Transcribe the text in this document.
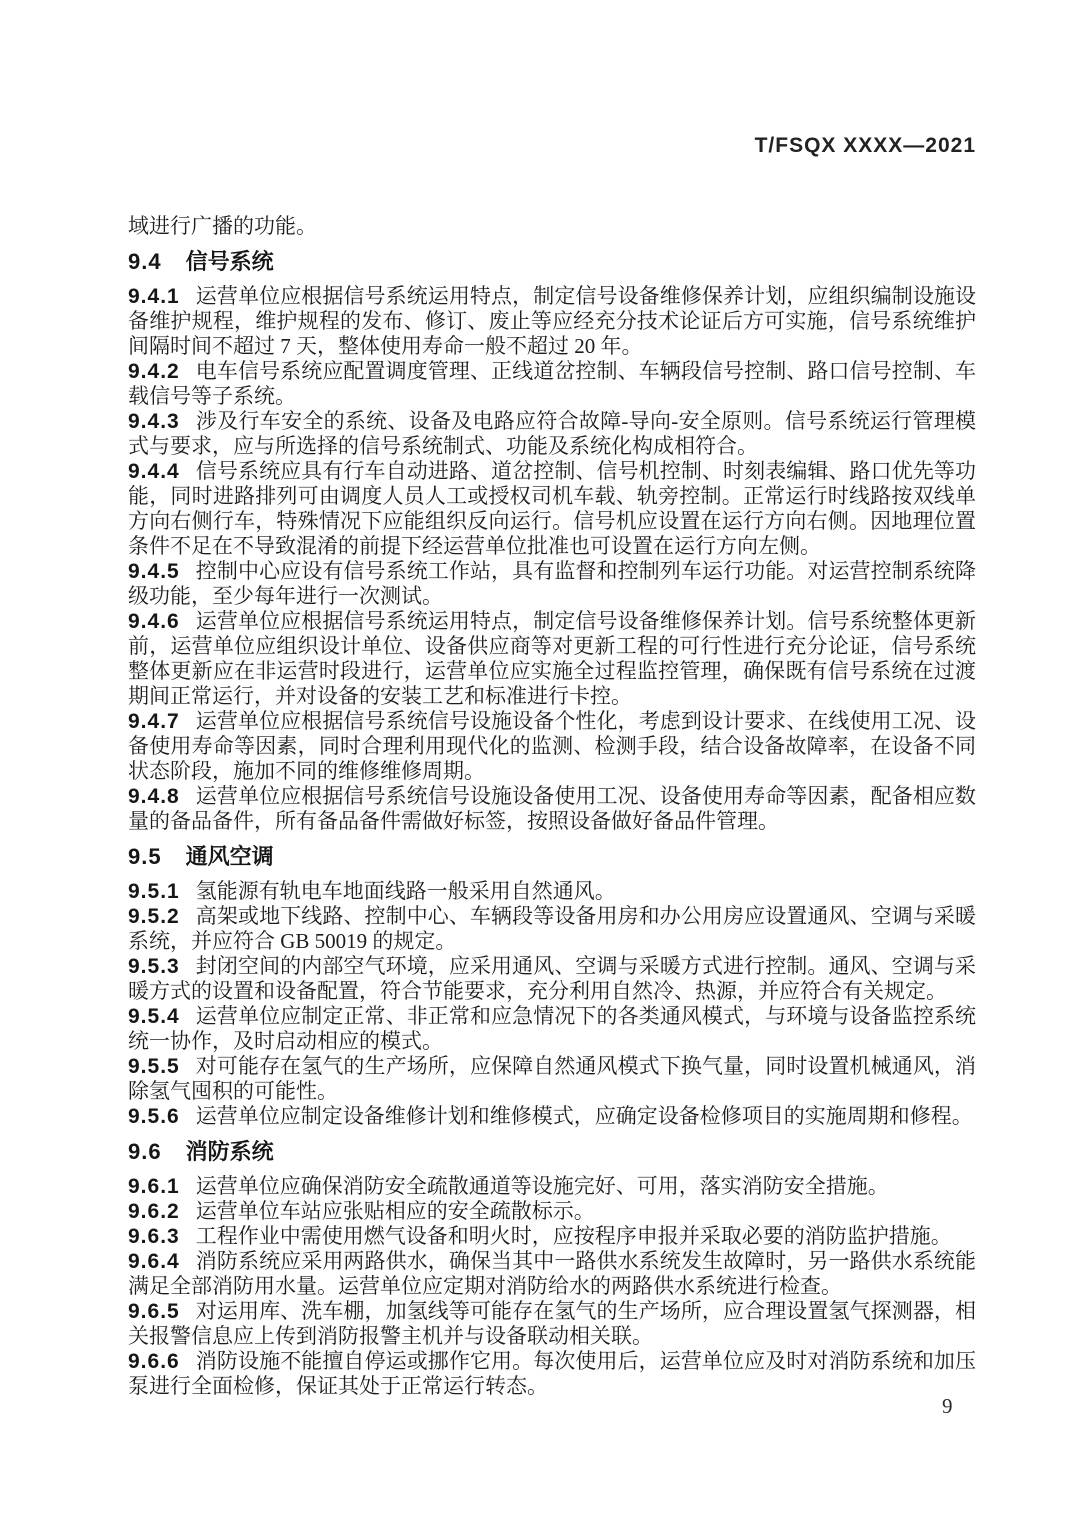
T/FSQX XXXX—2021

域进行广播的功能。

9.4 信号系统

9.4.1 运营单位应根据信号系统运用特点，制定信号设备维修保养计划，应组织编制设施设备维护规程，维护规程的发布、修订、废止等应经充分技术论证后方可实施，信号系统维护间隔时间不超过 7 天，整体使用寿命一般不超过 20 年。

9.4.2 电车信号系统应配置调度管理、正线道岔控制、车辆段信号控制、路口信号控制、车载信号等子系统。

9.4.3 涉及行车安全的系统、设备及电路应符合故障-导向-安全原则。信号系统运行管理模式与要求，应与所选择的信号系统制式、功能及系统化构成相符合。

9.4.4 信号系统应具有行车自动进路、道岔控制、信号机控制、时刻表编辑、路口优先等功能，同时进路排列可由调度人员人工或授权司机车载、轨旁控制。正常运行时线路按双线单方向右侧行车，特殊情况下应能组织反向运行。信号机应设置在运行方向右侧。因地理位置条件不足在不导致混淆的前提下经运营单位批准也可设置在运行方向左侧。

9.4.5 控制中心应设有信号系统工作站，具有监督和控制列车运行功能。对运营控制系统降级功能，至少每年进行一次测试。

9.4.6 运营单位应根据信号系统运用特点，制定信号设备维修保养计划。信号系统整体更新前，运营单位应组织设计单位、设备供应商等对更新工程的可行性进行充分论证，信号系统整体更新应在非运营时段进行，运营单位应实施全过程监控管理，确保既有信号系统在过渡期间正常运行，并对设备的安装工艺和标准进行卡控。

9.4.7 运营单位应根据信号系统信号设施设备个性化，考虑到设计要求、在线使用工况、设备使用寿命等因素，同时合理利用现代化的监测、检测手段，结合设备故障率，在设备不同状态阶段，施加不同的维修维修周期。

9.4.8 运营单位应根据信号系统信号设施设备使用工况、设备使用寿命等因素，配备相应数量的备品备件，所有备品备件需做好标签，按照设备做好备品件管理。

9.5 通风空调

9.5.1 氢能源有轨电车地面线路一般采用自然通风。

9.5.2 高架或地下线路、控制中心、车辆段等设备用房和办公用房应设置通风、空调与采暖系统，并应符合 GB 50019 的规定。

9.5.3 封闭空间的内部空气环境，应采用通风、空调与采暖方式进行控制。通风、空调与采暖方式的设置和设备配置，符合节能要求，充分利用自然冷、热源，并应符合有关规定。

9.5.4 运营单位应制定正常、非正常和应急情况下的各类通风模式，与环境与设备监控系统统一协作，及时启动相应的模式。

9.5.5 对可能存在氢气的生产场所，应保障自然通风模式下换气量，同时设置机械通风，消除氢气囤积的可能性。

9.5.6 运营单位应制定设备维修计划和维修模式，应确定设备检修项目的实施周期和修程。

9.6 消防系统

9.6.1 运营单位应确保消防安全疏散通道等设施完好、可用，落实消防安全措施。

9.6.2 运营单位车站应张贴相应的安全疏散标示。

9.6.3 工程作业中需使用燃气设备和明火时，应按程序申报并采取必要的消防监护措施。

9.6.4 消防系统应采用两路供水，确保当其中一路供水系统发生故障时，另一路供水系统能满足全部消防用水量。运营单位应定期对消防给水的两路供水系统进行检查。

9.6.5 对运用库、洗车棚，加氢线等可能存在氢气的生产场所，应合理设置氢气探测器，相关报警信息应上传到消防报警主机并与设备联动相关联。

9.6.6 消防设施不能擅自停运或挪作它用。每次使用后，运营单位应及时对消防系统和加压泵进行全面检修，保证其处于正常运行转态。

9
